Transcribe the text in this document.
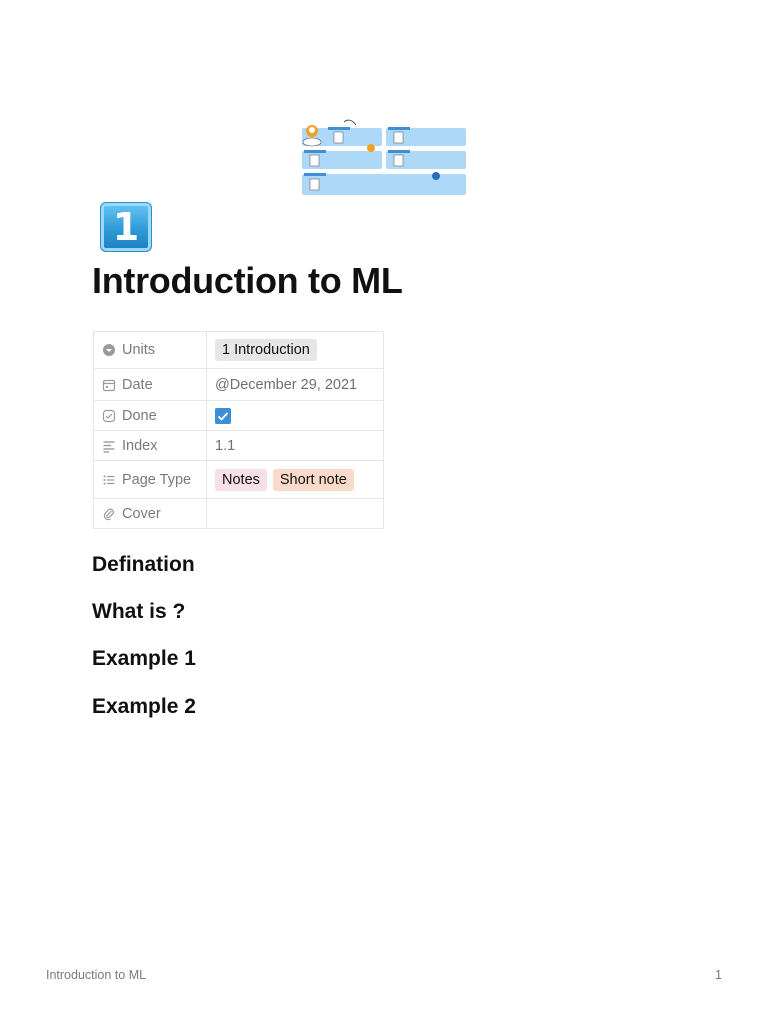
1
Introduction to ML
Units	1 Introduction

Date	@December 29, 2021

Done

Index	1.1

Page Type	Notes Short note

Cover	

Defination
What is ?
Example 1
Example 2
Introduction to ML	1
